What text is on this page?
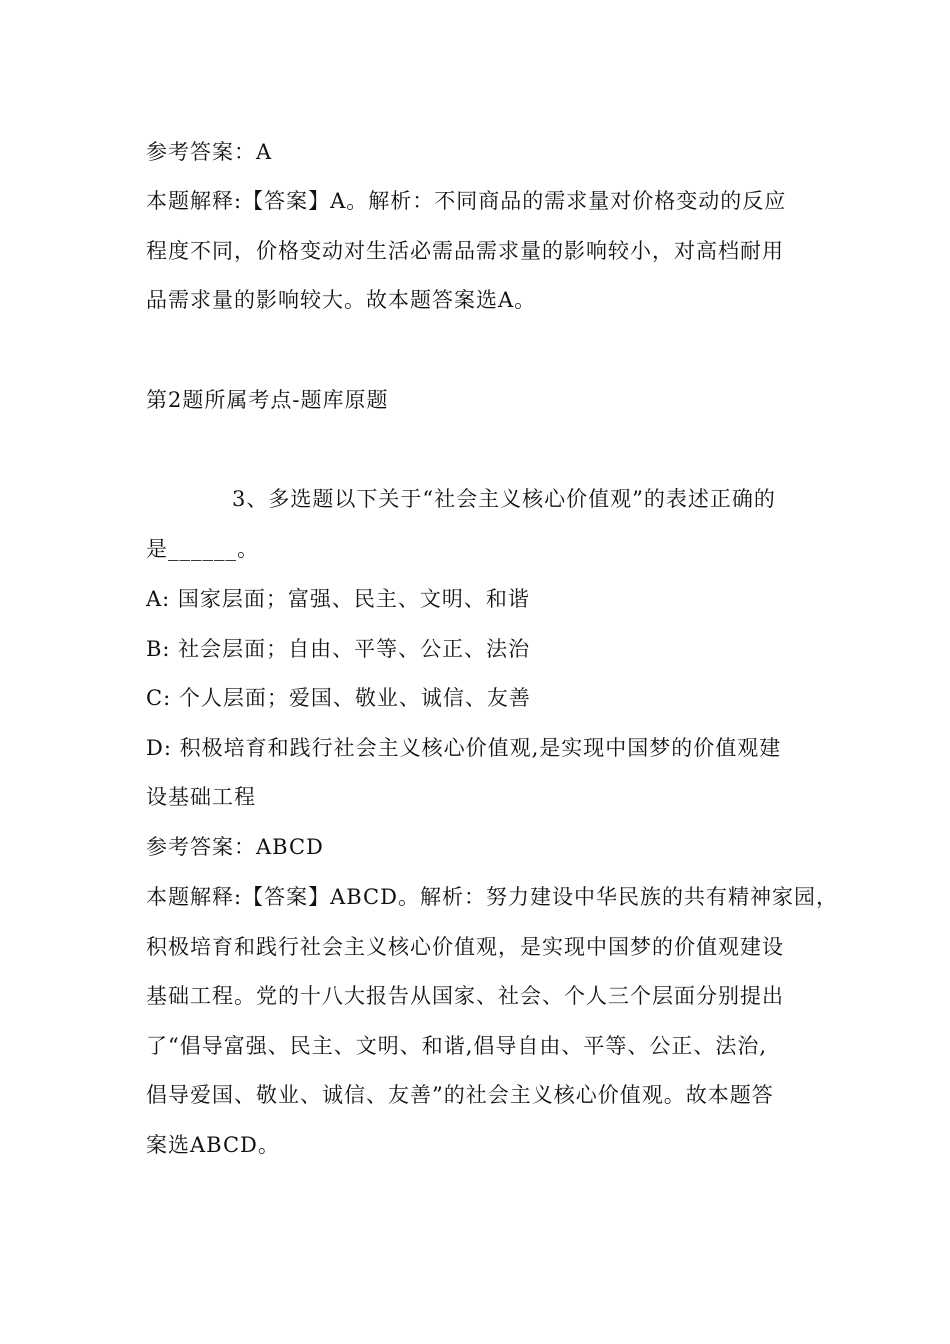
参考答案：A
本题解释:【答案】A。解析：不同商品的需求量对价格变动的反应
程度不同，价格变动对生活必需品需求量的影响较小，对高档耐用
品需求量的影响较大。故本题答案选A。
第2题所属考点-题库原题
3、多选题以下关于“社会主义核心价值观”的表述正确的
是______。
A: 国家层面；富强、民主、文明、和谐
B: 社会层面；自由、平等、公正、法治
C: 个人层面；爱国、敬业、诚信、友善
D: 积极培育和践行社会主义核心价值观,是实现中国梦的价值观建
设基础工程
参考答案：ABCD
本题解释:【答案】ABCD。解析：努力建设中华民族的共有精神家园，
积极培育和践行社会主义核心价值观，是实现中国梦的价值观建设
基础工程。党的十八大报告从国家、社会、个人三个层面分别提出
了“倡导富强、民主、文明、和谐,倡导自由、平等、公正、法治,
倡导爱国、敬业、诚信、友善”的社会主义核心价值观。故本题答
案选ABCD。
